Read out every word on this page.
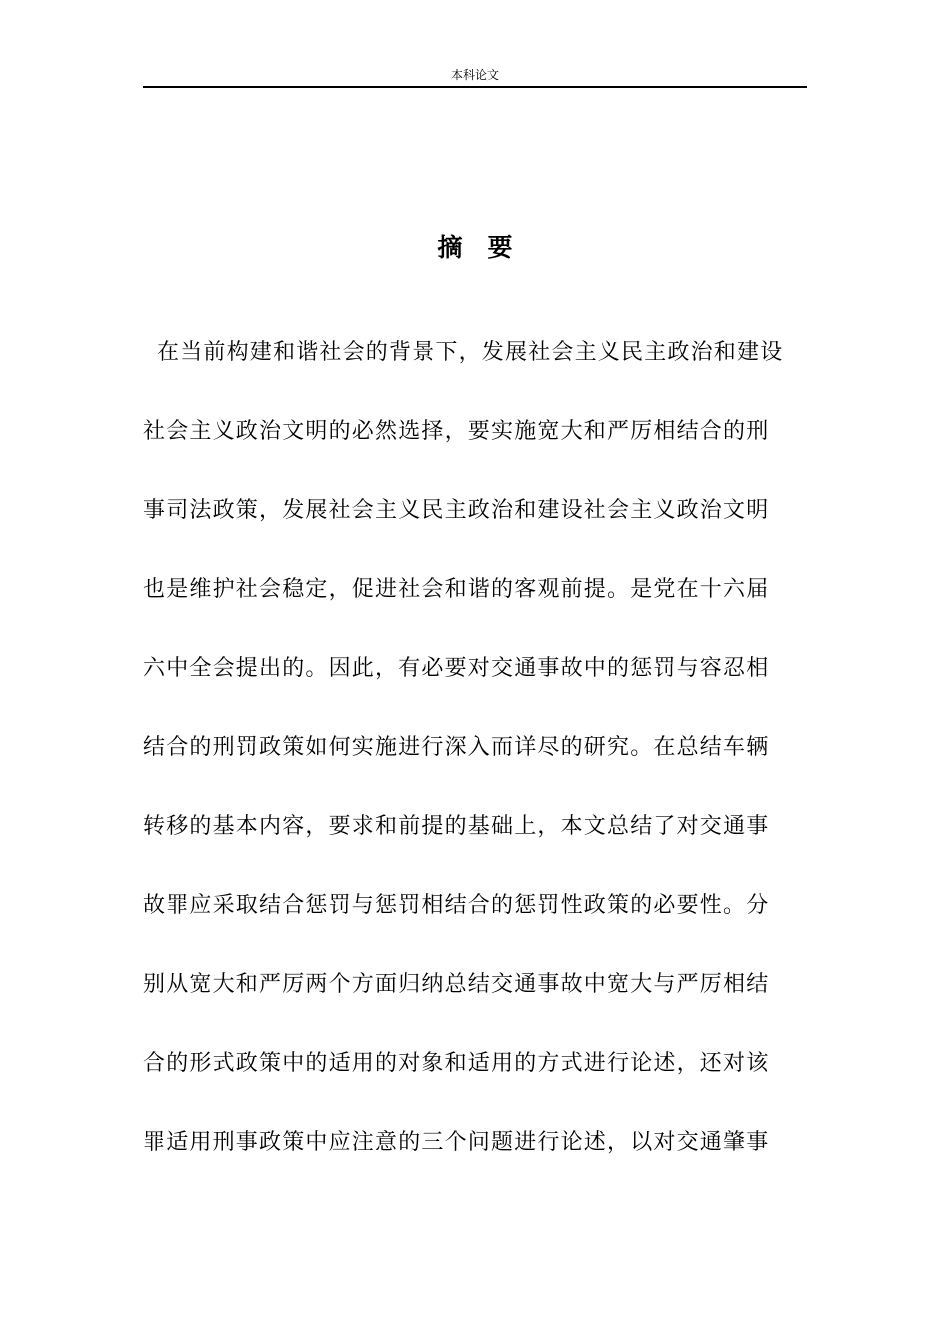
本科论文
摘　要
在当前构建和谐社会的背景下，发展社会主义民主政治和建设
社会主义政治文明的必然选择，要实施宽大和严厉相结合的刑
事司法政策，发展社会主义民主政治和建设社会主义政治文明
也是维护社会稳定，促进社会和谐的客观前提。是党在十六届
六中全会提出的。因此，有必要对交通事故中的惩罚与容忍相
结合的刑罚政策如何实施进行深入而详尽的研究。在总结车辆
转移的基本内容，要求和前提的基础上，本文总结了对交通事
故罪应采取结合惩罚与惩罚相结合的惩罚性政策的必要性。分
别从宽大和严厉两个方面归纳总结交通事故中宽大与严厉相结
合的形式政策中的适用的对象和适用的方式进行论述，还对该
罪适用刑事政策中应注意的三个问题进行论述，以对交通肇事
